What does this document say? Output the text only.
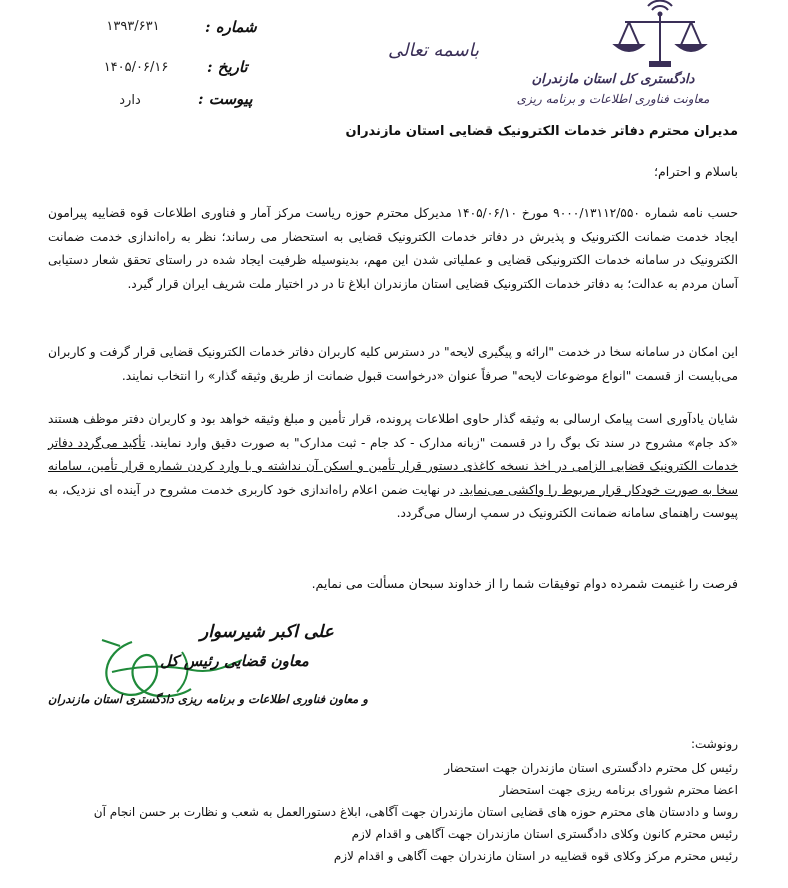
شماره :
۱۳۹۳/۶۳۱
تاریخ :
۱۴۰۵/۰۶/۱۶
پیوست :
دارد
باسمه تعالی
دادگستری کل استان مازندران
معاونت فناوری اطلاعات و برنامه ریزی
مدیران محترم دفاتر خدمات الکترونیک قضایی استان مازندران
باسلام و احترام؛
حسب نامه شماره ۹۰۰۰/۱۳۱۱۲/۵۵۰ مورخ ۱۴۰۵/۰۶/۱۰ مدیرکل محترم حوزه ریاست مرکز آمار و فناوری اطلاعات قوه قضاییه پیرامون ایجاد خدمت ضمانت الکترونیک و پذیرش در دفاتر خدمات الکترونیک قضایی به استحضار می رساند؛ نظر به راه‌اندازی خدمت ضمانت الکترونیک در سامانه خدمات الکترونیکی قضایی و عملیاتی شدن این مهم، بدینوسیله ظرفیت ایجاد شده در راستای تحقق شعار دستیابی آسان مردم به عدالت؛ به دفاتر خدمات الکترونیک قضایی استان مازندران ابلاغ تا در در اختیار ملت شریف ایران قرار گیرد.
این امکان در سامانه سخا در خدمت "ارائه و پیگیری لایحه" در دسترس کلیه کاربران دفاتر خدمات الکترونیک قضایی قرار گرفت و کاربران می‌بایست از قسمت "انواع موضوعات لایحه" صرفاً عنوان «درخواست قبول ضمانت از طریق وثیقه گذار» را انتخاب نمایند.
شایان یادآوری است پیامک ارسالی به وثیقه گذار حاوی اطلاعات پرونده، قرار تأمین و مبلغ وثیقه خواهد بود و کاربران دفتر موظف هستند «کد جام» مشروح در سند تک بوگ را در قسمت "زبانه مدارک - کد جام - ثبت مدارک" به صورت دقیق وارد نمایند. تأکید می‌گردد دفاتر خدمات الکترونیک قضایی الزامی در اخذ نسخه کاغذی دستور قرار تأمین و اسکن آن نداشته و با وارد کردن شماره قرار تأمین، سامانه سخا به صورت خودکار قرار مربوط را واکشی می‌نماید. در نهایت ضمن اعلام راه‌اندازی خود کاربری خدمت مشروح در آینده ای نزدیک، به پیوست راهنمای سامانه ضمانت الکترونیک در سمپ ارسال می‌گردد.
فرصت را غنیمت شمرده دوام توفیقات شما را از خداوند سبحان مسألت می نمایم.
علی اکبر شیرسوار
معاون قضایی رئیس کل
و معاون فناوری اطلاعات و برنامه ریزی دادگستری استان مازندران
رونوشت:
رئیس کل محترم دادگستری استان مازندران جهت استحضار
اعضا محترم شورای برنامه ریزی جهت استحضار
روسا و دادستان های محترم حوزه های قضایی استان مازندران جهت آگاهی، ابلاغ دستورالعمل به شعب و نظارت بر حسن انجام آن
رئیس محترم کانون وکلای دادگستری استان مازندران جهت آگاهی و اقدام لازم
رئیس محترم مرکز وکلای قوه قضاییه در استان مازندران جهت آگاهی و اقدام لازم
